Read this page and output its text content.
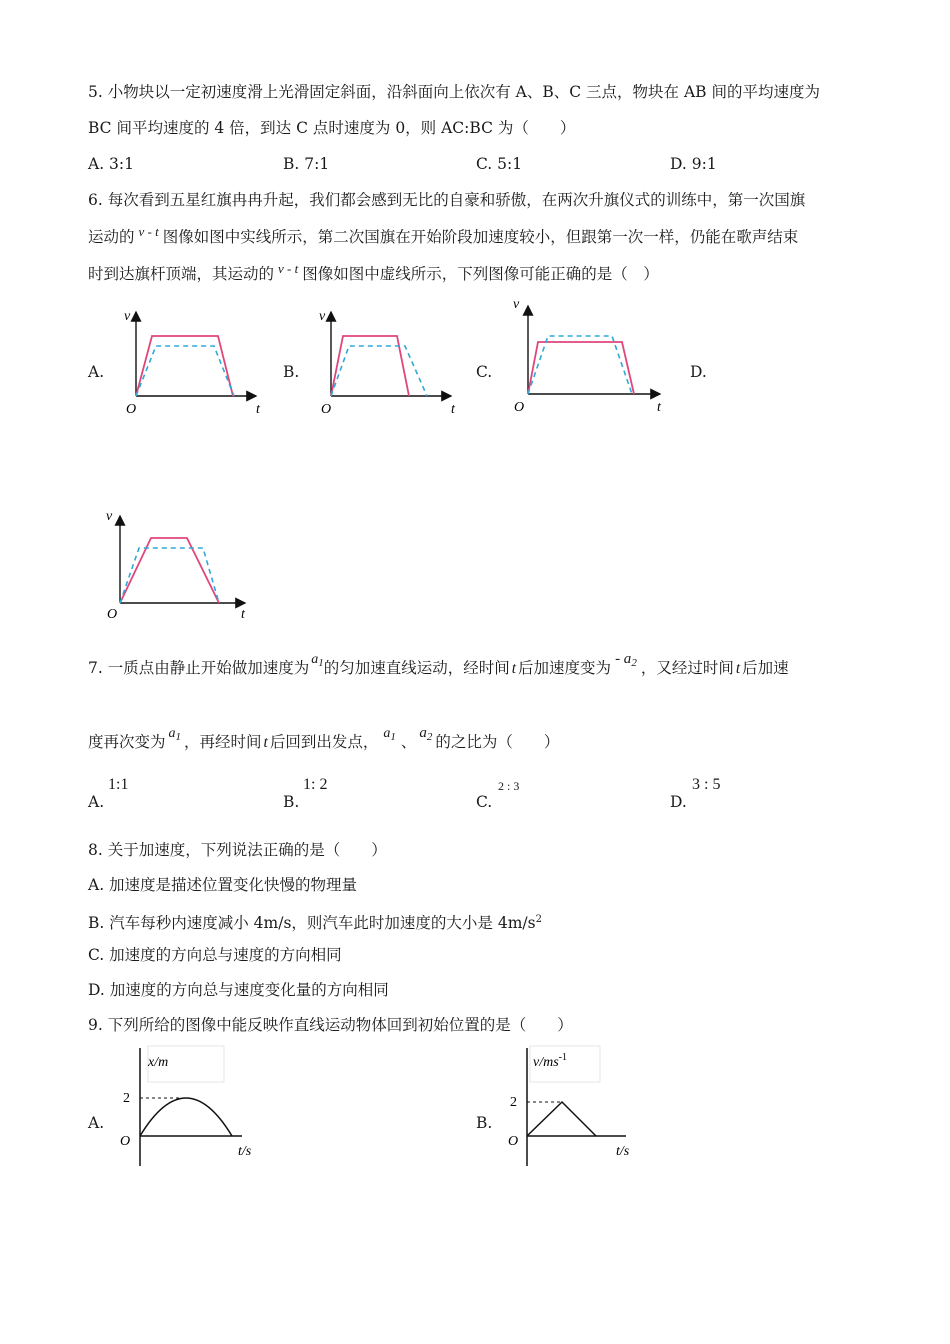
5. 小物块以一定初速度滑上光滑固定斜面，沿斜面向上依次有 A、B、C 三点，物块在 AB 间的平均速度为
BC 间平均速度的 4 倍，到达 C 点时速度为 0，则 AC:BC 为（　　）
A. 3:1	B. 7:1	C. 5:1	D. 9:1
6. 每次看到五星红旗冉冉升起，我们都会感到无比的自豪和骄傲，在两次升旗仪式的训练中，第一次国旗
运动的 $^{v - t}$ 图像如图中实线所示，第二次国旗在开始阶段加速度较小，但跟第一次一样，仍能在歌声结束
时到达旗杆顶端，其运动的 $^{v - t}$ 图像如图中虚线所示，下列图像可能正确的是（　）
A.	B.	C.	D.
v
t
O
v
t
O
v
t
O
v
t
O
7. 一质点由静止开始做加速度为 $a_1$的匀加速直线运动，经时间 t 后加速度变为 - $a_2$ ，又经过时间 t 后加速
度再次变为 $a_1$ ，再经时间 t 后回到出发点， $a_1$ 、 $a_2$ 的之比为（　　）
A.
1:1
B.
1: 2
C.
2 : 3
D.
3 : 5
8. 关于加速度，下列说法正确的是（　　）
A. 加速度是描述位置变化快慢的物理量
B. 汽车每秒内速度减小 4m/s，则汽车此时加速度的大小是 $4m/s^2$
C. 加速度的方向总与速度的方向相同
D. 加速度的方向总与速度变化量的方向相同
9. 下列所给的图像中能反映作直线运动物体回到初始位置的是（　　）
A.	B.
x/m
2
O
t/s
$v/ms^{-1}$
2
O
t/s
